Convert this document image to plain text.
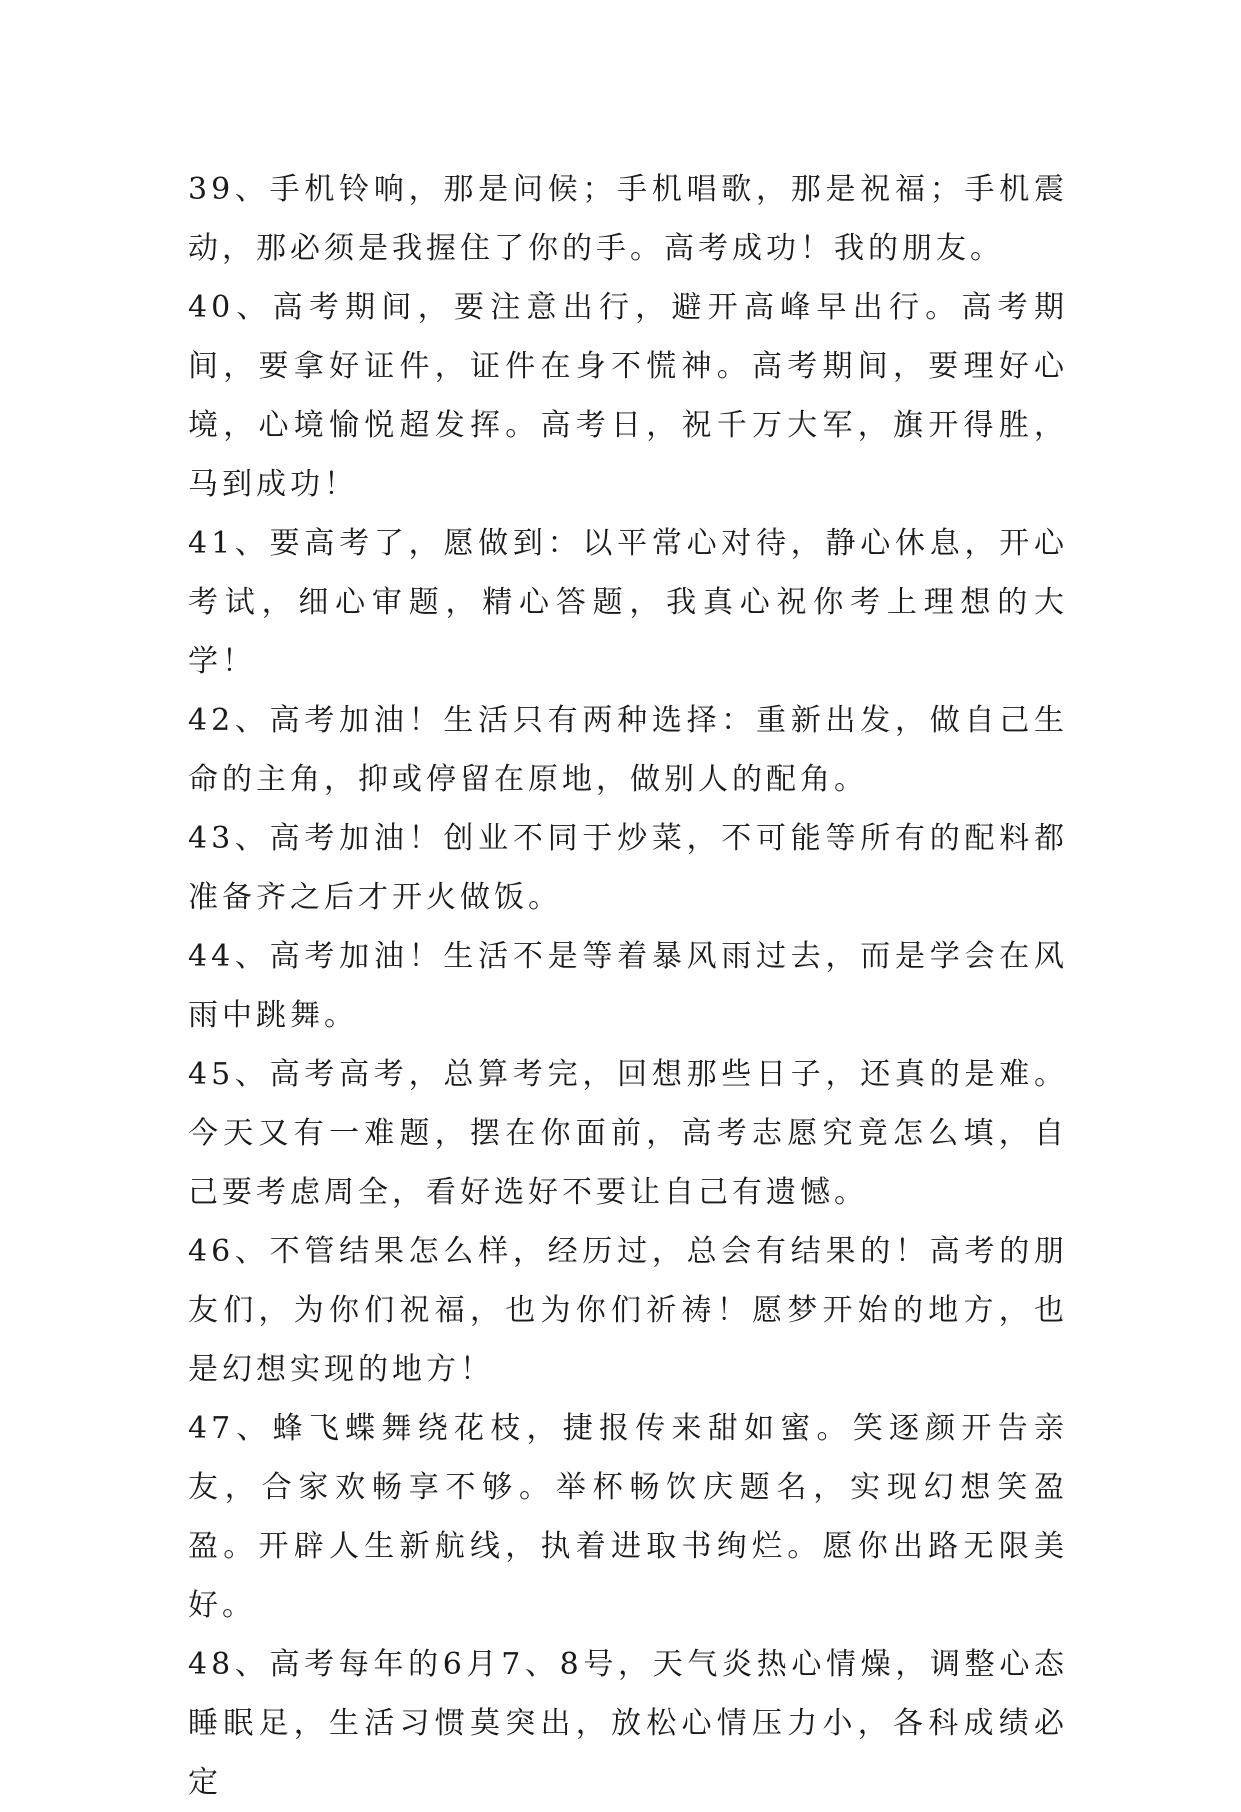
39、手机铃响，那是问候；手机唱歌，那是祝福；手机震动，那必须是我握住了你的手。高考成功！我的朋友。

40、高考期间，要注意出行，避开高峰早出行。高考期间，要拿好证件，证件在身不慌神。高考期间，要理好心境，心境愉悦超发挥。高考日，祝千万大军，旗开得胜，马到成功！

41、要高考了，愿做到：以平常心对待，静心休息，开心考试，细心审题，精心答题，我真心祝你考上理想的大学！

42、高考加油！生活只有两种选择：重新出发，做自己生命的主角，抑或停留在原地，做别人的配角。

43、高考加油！创业不同于炒菜，不可能等所有的配料都准备齐之后才开火做饭。

44、高考加油！生活不是等着暴风雨过去，而是学会在风雨中跳舞。

45、高考高考，总算考完，回想那些日子，还真的是难。今天又有一难题，摆在你面前，高考志愿究竟怎么填，自己要考虑周全，看好选好不要让自己有遗憾。

46、不管结果怎么样，经历过，总会有结果的！高考的朋友们，为你们祝福，也为你们祈祷！愿梦开始的地方，也是幻想实现的地方！

47、蜂飞蝶舞绕花枝，捷报传来甜如蜜。笑逐颜开告亲友，合家欢畅享不够。举杯畅饮庆题名，实现幻想笑盈盈。开辟人生新航线，执着进取书绚烂。愿你出路无限美好。

48、高考每年的6月7、8号，天气炎热心情燥，调整心态睡眠足，生活习惯莫突出，放松心情压力小，各科成绩必定
